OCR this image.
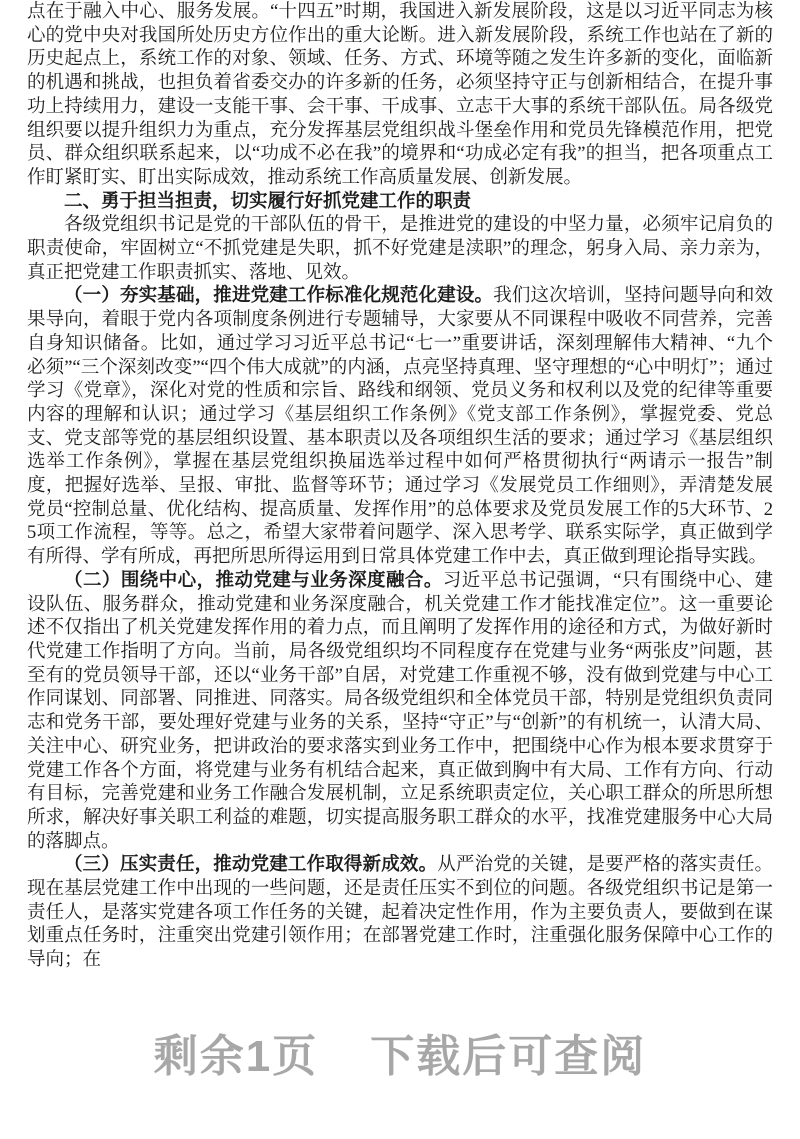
点在于融入中心、服务发展。“十四五”时期，我国进入新发展阶段，这是以习近平同志为核心的党中央对我国所处历史方位作出的重大论断。进入新发展阶段，系统工作也站在了新的历史起点上，系统工作的对象、领域、任务、方式、环境等随之发生许多新的变化，面临新的机遇和挑战，也担负着省委交办的许多新的任务，必须坚持守正与创新相结合，在提升事功上持续用力，建设一支能干事、会干事、干成事、立志干大事的系统干部队伍。局各级党组织要以提升组织力为重点，充分发挥基层党组织战斗堡垒作用和党员先锋模范作用，把党员、群众组织联系起来，以“功成不必在我”的境界和“功成必定有我”的担当，把各项重点工作盯紧盯实、盯出实际成效，推动系统工作高质量发展、创新发展。

二、勇于担当担责，切实履行好抓党建工作的职责

各级党组织书记是党的干部队伍的骨干，是推进党的建设的中坚力量，必须牢记肩负的职责使命，牢固树立“不抓党建是失职，抓不好党建是渎职”的理念，躬身入局、亲力亲为，真正把党建工作职责抓实、落地、见效。

（一）夯实基础，推进党建工作标准化规范化建设。我们这次培训，坚持问题导向和效果导向，着眼于党内各项制度条例进行专题辅导，大家要从不同课程中吸收不同营养，完善自身知识储备。比如，通过学习习近平总书记“七一”重要讲话，深刻理解伟大精神、“九个必须”“三个深刻改变”“四个伟大成就”的内涵，点亮坚持真理、坚守理想的“心中明灯”；通过学习《党章》，深化对党的性质和宗旨、路线和纲领、党员义务和权利以及党的纪律等重要内容的理解和认识；通过学习《基层组织工作条例》《党支部工作条例》，掌握党委、党总支、党支部等党的基层组织设置、基本职责以及各项组织生活的要求；通过学习《基层组织选举工作条例》，掌握在基层党组织换届选举过程中如何严格贯彻执行“两请示一报告”制度，把握好选举、呈报、审批、监督等环节；通过学习《发展党员工作细则》，弄清楚发展党员“控制总量、优化结构、提高质量、发挥作用”的总体要求及党员发展工作的5大环节、25项工作流程，等等。总之，希望大家带着问题学、深入思考学、联系实际学，真正做到学有所得、学有所成，再把所思所得运用到日常具体党建工作中去，真正做到理论指导实践。

（二）围绕中心，推动党建与业务深度融合。习近平总书记强调，“只有围绕中心、建设队伍、服务群众，推动党建和业务深度融合，机关党建工作才能找准定位”。这一重要论述不仅指出了机关党建发挥作用的着力点，而且阐明了发挥作用的途径和方式，为做好新时代党建工作指明了方向。当前，局各级党组织均不同程度存在党建与业务“两张皮”问题，甚至有的党员领导干部，还以“业务干部”自居，对党建工作重视不够，没有做到党建与中心工作同谋划、同部署、同推进、同落实。局各级党组织和全体党员干部，特别是党组织负责同志和党务干部，要处理好党建与业务的关系，坚持“守正”与“创新”的有机统一，认清大局、关注中心、研究业务，把讲政治的要求落实到业务工作中，把围绕中心作为根本要求贯穿于党建工作各个方面，将党建与业务有机结合起来，真正做到胸中有大局、工作有方向、行动有目标，完善党建和业务工作融合发展机制，立足系统职责定位，关心职工群众的所思所想所求，解决好事关职工利益的难题，切实提高服务职工群众的水平，找准党建服务中心大局的落脚点。

（三）压实责任，推动党建工作取得新成效。从严治党的关键，是要严格的落实责任。现在基层党建工作中出现的一些问题，还是责任压实不到位的问题。各级党组织书记是第一责任人，是落实党建各项工作任务的关键，起着决定性作用，作为主要负责人，要做到在谋划重点任务时，注重突出党建引领作用；在部署党建工作时，注重强化服务保障中心工作的导向；在

剩余1页 下载后可查阅
